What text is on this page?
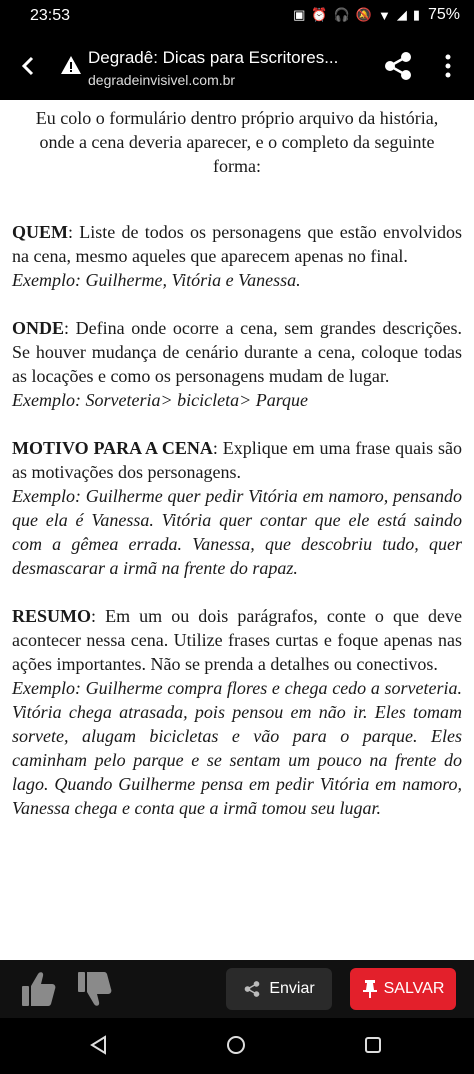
23:53	▣ ⏰ 🎧 🔕 ▼ ◢ ▮ 75%
Degradê: Dicas para Escritores...
degradeinvisivel.com.br

Eu colo o formulário dentro próprio arquivo da história, onde a cena deveria aparecer, e o completo da seguinte forma:

QUEM: Liste de todos os personagens que estão envolvidos na cena, mesmo aqueles que aparecem apenas no final.
Exemplo: Guilherme, Vitória e Vanessa.

ONDE: Defina onde ocorre a cena, sem grandes descrições. Se houver mudança de cenário durante a cena, coloque todas as locações e como os personagens mudam de lugar.
Exemplo: Sorveteria> bicicleta> Parque

MOTIVO PARA A CENA: Explique em uma frase quais são as motivações dos personagens.
Exemplo: Guilherme quer pedir Vitória em namoro, pensando que ela é Vanessa. Vitória quer contar que ele está saindo com a gêmea errada. Vanessa, que descobriu tudo, quer desmascarar a irmã na frente do rapaz.

RESUMO: Em um ou dois parágrafos, conte o que deve acontecer nessa cena. Utilize frases curtas e foque apenas nas ações importantes. Não se prenda a detalhes ou conectivos.
Exemplo: Guilherme compra flores e chega cedo a sorveteria. Vitória chega atrasada, pois pensou em não ir. Eles tomam sorvete, alugam bicicletas e vão para o parque. Eles caminham pelo parque e se sentam um pouco na frente do lago. Quando Guilherme pensa em pedir Vitória em namoro, Vanessa chega e conta que a irmã tomou seu lugar.

Enviar	SALVAR
